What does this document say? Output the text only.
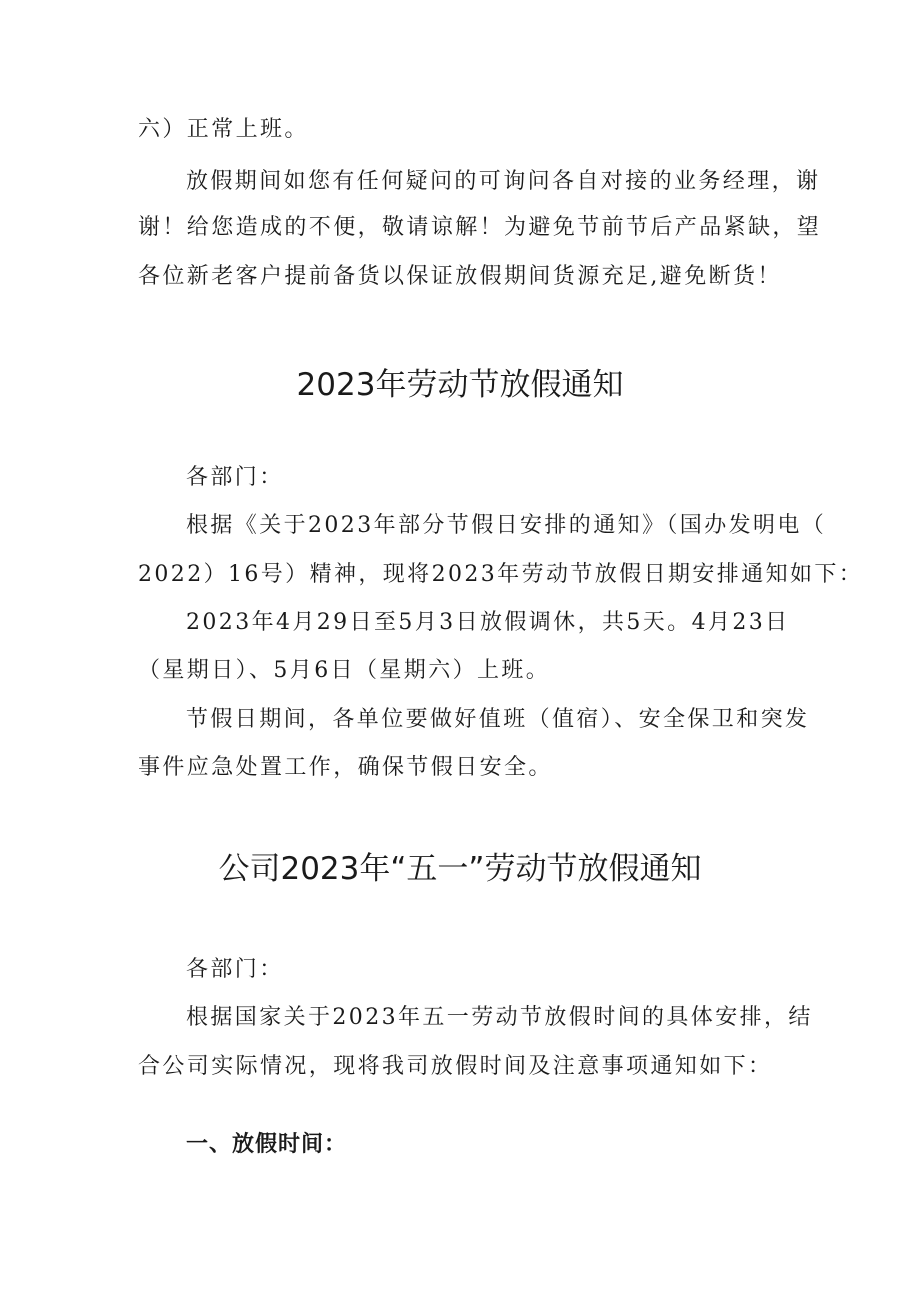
六）正常上班。
放假期间如您有任何疑问的可询问各自对接的业务经理，谢
谢！给您造成的不便，敬请谅解！为避免节前节后产品紧缺，望
各位新老客户提前备货以保证放假期间货源充足,避免断货！
2023年劳动节放假通知
各部门：
根据《关于2023年部分节假日安排的通知》（国办发明电（
2022）16号）精神，现将2023年劳动节放假日期安排通知如下：
2023年4月29日至5月3日放假调休，共5天。4月23日
（星期日）、5月6日（星期六）上班。
节假日期间，各单位要做好值班（值宿）、安全保卫和突发
事件应急处置工作，确保节假日安全。
公司2023年“五一”劳动节放假通知
各部门：
根据国家关于2023年五一劳动节放假时间的具体安排，结
合公司实际情况，现将我司放假时间及注意事项通知如下：
一、放假时间：
